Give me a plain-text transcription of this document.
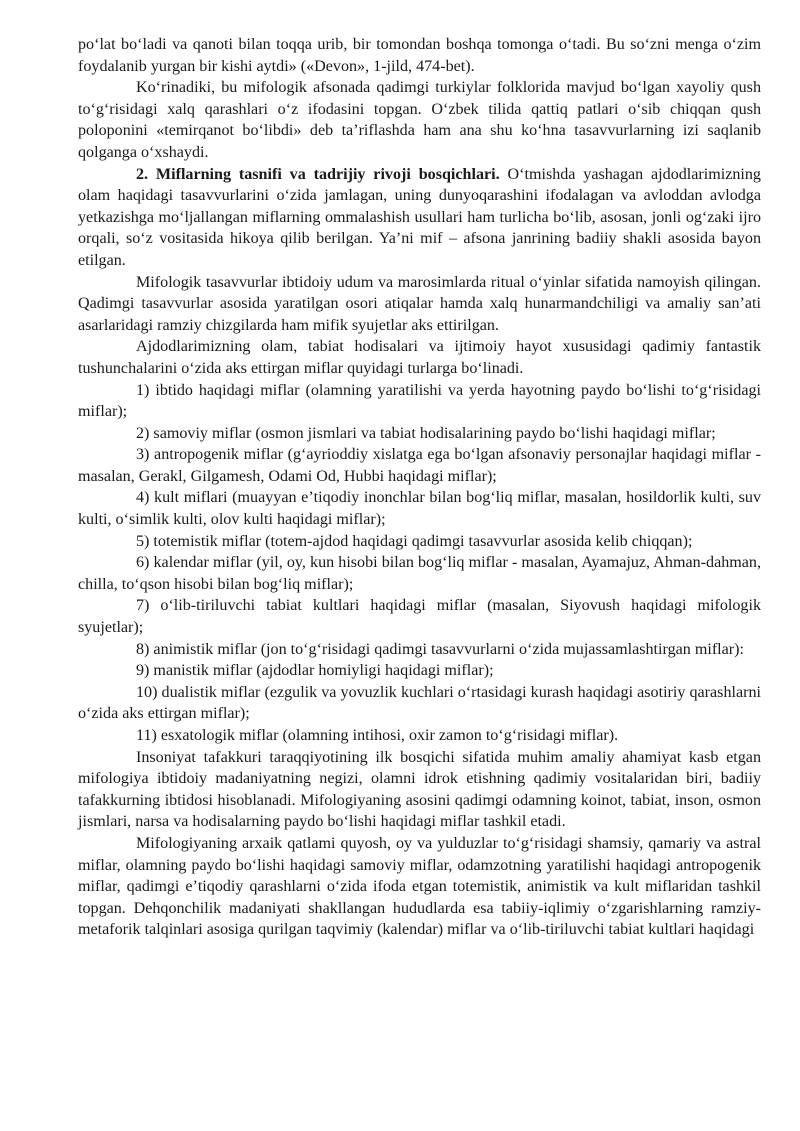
poʻlat boʻladi va qanoti bilan toqqa urib, bir tomondan boshqa tomonga oʻtadi. Bu soʻzni menga oʻzim foydalanib yurgan bir kishi aytdi» («Devon», 1-jild, 474-bet).

Koʻrinadiki, bu mifologik afsonada qadimgi turkiylar folklorida mavjud boʻlgan xayoliy qush toʻgʻrisidagi xalq qarashlari oʻz ifodasini topgan. Oʻzbek tilida qattiq patlari oʻsib chiqqan qush poloponini «temirqanot boʻlibdi» deb taʼriflashda ham ana shu koʻhna tasavvurlarning izi saqlanib qolganga oʻxshaydi.

2. Miflarning tasnifi va tadrijiy rivoji bosqichlari. Oʻtmishda yashagan ajdodlarimizning olam haqidagi tasavvurlarini oʻzida jamlagan, uning dunyoqarashini ifodalagan va avloddan avlodga yetkazishga moʻljallangan miflarning ommalashish usullari ham turlicha boʻlib, asosan, jonli ogʻzaki ijro orqali, soʻz vositasida hikoya qilib berilgan. Yaʼni mif – afsona janrining badiiy shakli asosida bayon etilgan.

Mifologik tasavvurlar ibtidoiy udum va marosimlarda ritual oʻyinlar sifatida namoyish qilingan. Qadimgi tasavvurlar asosida yaratilgan osori atiqalar hamda xalq hunarmandchiligi va amaliy sanʼati asarlaridagi ramziy chizgilarda ham mifik syujetlar aks ettirilgan.

Ajdodlarimizning olam, tabiat hodisalari va ijtimoiy hayot xususidagi qadimiy fantastik tushunchalarini oʻzida aks ettirgan miflar quyidagi turlarga boʻlinadi.

1) ibtido haqidagi miflar (olamning yaratilishi va yerda hayotning paydo boʻlishi toʻgʻrisidagi miflar);

2) samoviy miflar (osmon jismlari va tabiat hodisalarining paydo boʻlishi haqidagi miflar;

3) antropogenik miflar (gʻayrioddiy xislatga ega boʻlgan afsonaviy personajlar haqidagi miflar - masalan, Gerakl, Gilgamesh, Odami Od, Hubbi haqidagi miflar);

4) kult miflari (muayyan eʼtiqodiy inonchlar bilan bogʻliq miflar, masalan, hosildorlik kulti, suv kulti, oʻsimlik kulti, olov kulti haqidagi miflar);

5) totemistik miflar (totem-ajdod haqidagi qadimgi tasavvurlar asosida kelib chiqqan);

6) kalendar miflar (yil, oy, kun hisobi bilan bogʻliq miflar - masalan, Ayamajuz, Ahman-dahman, chilla, toʻqson hisobi bilan bogʻliq miflar);

7) oʻlib-tiriluvchi tabiat kultlari haqidagi miflar (masalan, Siyovush haqidagi mifologik syujetlar);

8) animistik miflar (jon toʻgʻrisidagi qadimgi tasavvurlarni oʻzida mujassamlashtirgan miflar):

9) manistik miflar (ajdodlar homiyligi haqidagi miflar);

10) dualistik miflar (ezgulik va yovuzlik kuchlari oʻrtasidagi kurash haqidagi asotiriy qarashlarni oʻzida aks ettirgan miflar);

11) esxatologik miflar (olamning intihosi, oxir zamon toʻgʻrisidagi miflar).

Insoniyat tafakkuri taraqqiyotining ilk bosqichi sifatida muhim amaliy ahamiyat kasb etgan mifologiya ibtidoiy madaniyatning negizi, olamni idrok etishning qadimiy vositalaridan biri, badiiy tafakkurning ibtidosi hisoblanadi. Mifologiyaning asosini qadimgi odamning koinot, tabiat, inson, osmon jismlari, narsa va hodisalarning paydo boʻlishi haqidagi miflar tashkil etadi.

Mifologiyaning arxaik qatlami quyosh, oy va yulduzlar toʻgʻrisidagi shamsiy, qamariy va astral miflar, olamning paydo boʻlishi haqidagi samoviy miflar, odamzotning yaratilishi haqidagi antropogenik miflar, qadimgi eʼtiqodiy qarashlarni oʻzida ifoda etgan totemistik, animistik va kult miflaridan tashkil topgan. Dehqonchilik madaniyati shakllangan hududlarda esa tabiiy-iqlimiy oʻzgarishlarning ramziy-metaforik talqinlari asosiga qurilgan taqvimiy (kalendar) miflar va oʻlib-tiriluvchi tabiat kultlari haqidagi
